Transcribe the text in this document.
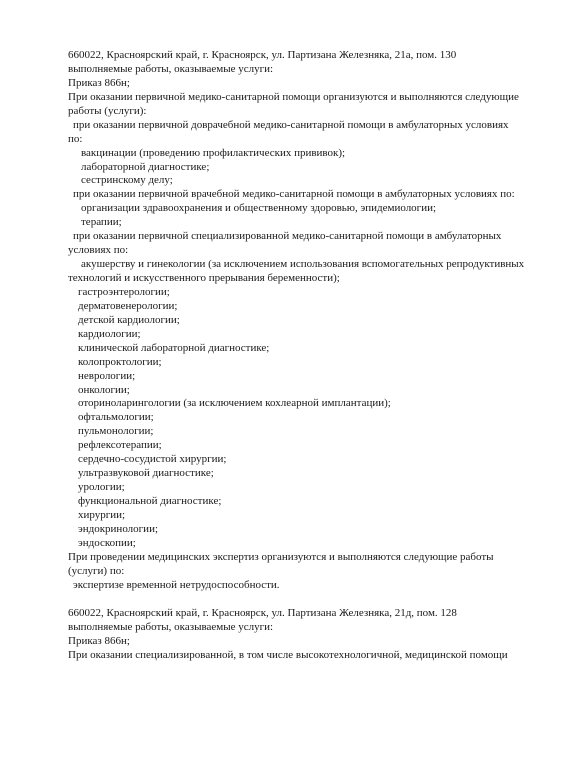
660022, Красноярский край, г. Красноярск, ул. Партизана Железняка, 21а, пом. 130
выполняемые работы, оказываемые услуги:
Приказ 866н;
При оказании первичной медико-санитарной помощи организуются и выполняются следующие
работы (услуги):
при оказании первичной доврачебной медико-санитарной помощи в амбулаторных условиях
по:
вакцинации (проведению профилактических прививок);
лабораторной диагностике;
сестринскому делу;
при оказании первичной врачебной медико-санитарной помощи в амбулаторных условиях по:
организации здравоохранения и общественному здоровью, эпидемиологии;
терапии;
при оказании первичной специализированной медико-санитарной помощи в амбулаторных
условиях по:
акушерству и гинекологии (за исключением использования вспомогательных репродуктивных
технологий и искусственного прерывания беременности);
гастроэнтерологии;
дерматовенерологии;
детской кардиологии;
кардиологии;
клинической лабораторной диагностике;
колопроктологии;
неврологии;
онкологии;
оториноларингологии (за исключением кохлеарной имплантации);
офтальмологии;
пульмонологии;
рефлексотерапии;
сердечно-сосудистой хирургии;
ультразвуковой диагностике;
урологии;
функциональной диагностике;
хирургии;
эндокринологии;
эндоскопии;
При проведении медицинских экспертиз организуются и выполняются следующие работы
(услуги) по:
экспертизе временной нетрудоспособности.
660022, Красноярский край, г. Красноярск, ул. Партизана Железняка, 21д, пом. 128
выполняемые работы, оказываемые услуги:
Приказ 866н;
При оказании специализированной, в том числе высокотехнологичной, медицинской помощи
